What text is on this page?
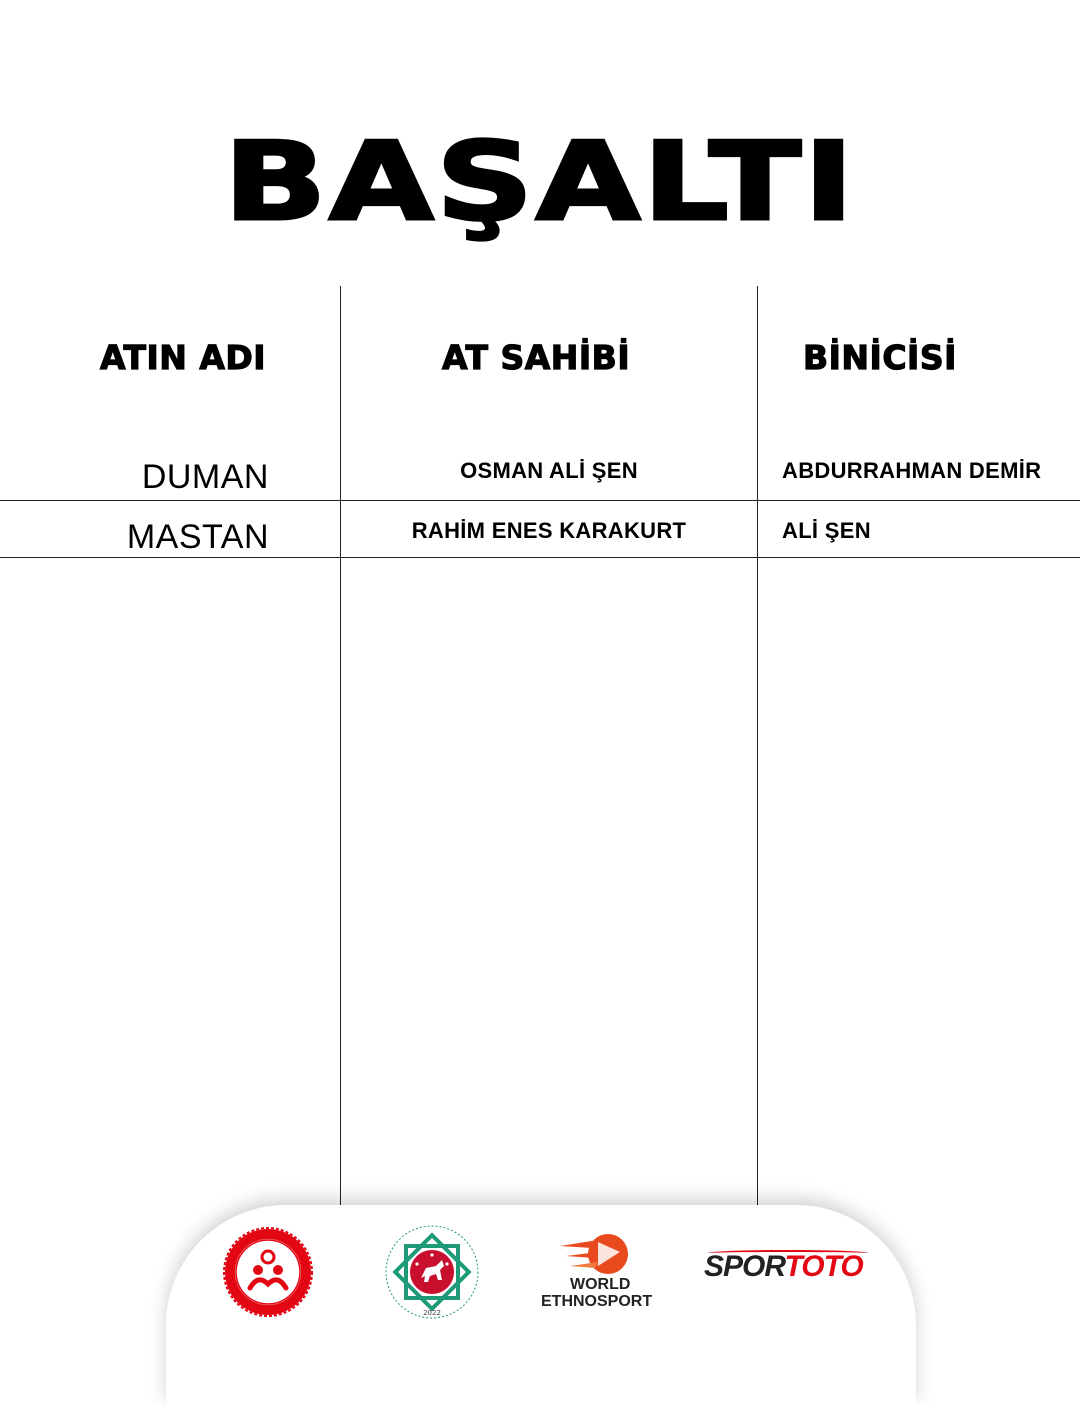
BAŞALTI
ATIN ADI	AT SAHİBİ	BİNİCİSİ
DUMAN	OSMAN ALİ ŞEN	ABDURRAHMAN DEMİR
MASTAN	RAHİM ENES KARAKURT	ALİ ŞEN
2022
WORLD
ETHNOSPORT
SPORTOTO
